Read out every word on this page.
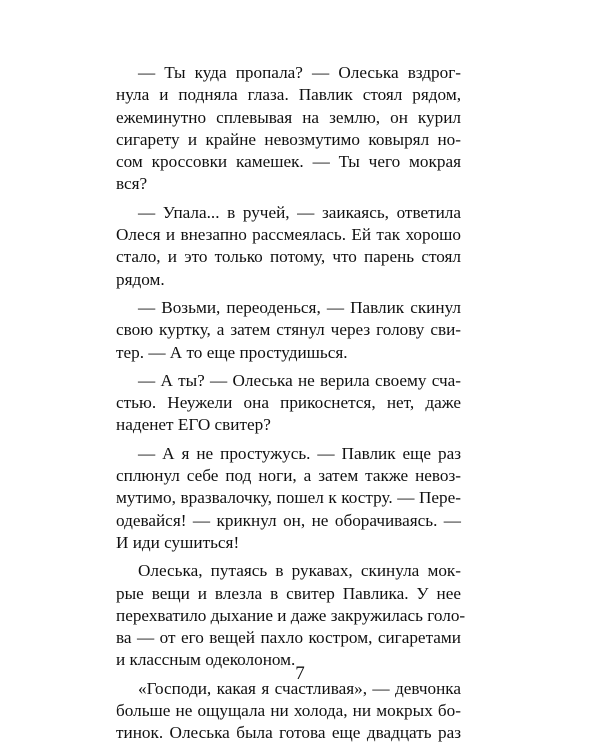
— Ты куда пропала? — Олеська вздрог-
нула и подняла глаза. Павлик стоял рядом,
ежеминутно сплевывая на землю, он курил
сигарету и крайне невозмутимо ковырял но-
сом кроссовки камешек. — Ты чего мокрая
вся?
— Упала... в ручей, — заикаясь, ответила
Олеся и внезапно рассмеялась. Ей так хорошо
стало, и это только потому, что парень стоял
рядом.
— Возьми, переоденься, — Павлик скинул
свою куртку, а затем стянул через голову сви-
тер. — А то еще простудишься.
— А ты? — Олеська не верила своему сча-
стью. Неужели она прикоснется, нет, даже
наденет ЕГО свитер?
— А я не простужусь. — Павлик еще раз
сплюнул себе под ноги, а затем также невоз-
мутимо, вразвалочку, пошел к костру. — Пере-
одевайся! — крикнул он, не оборачиваясь. —
И иди сушиться!
Олеська, путаясь в рукавах, скинула мок-
рые вещи и влезла в свитер Павлика. У нее
перехватило дыхание и даже закружилась голо-
ва — от его вещей пахло костром, сигаретами
и классным одеколоном.
«Господи, какая я счастливая», — девчонка
больше не ощущала ни холода, ни мокрых бо-
тинок. Олеська была готова еще двадцать раз
7
